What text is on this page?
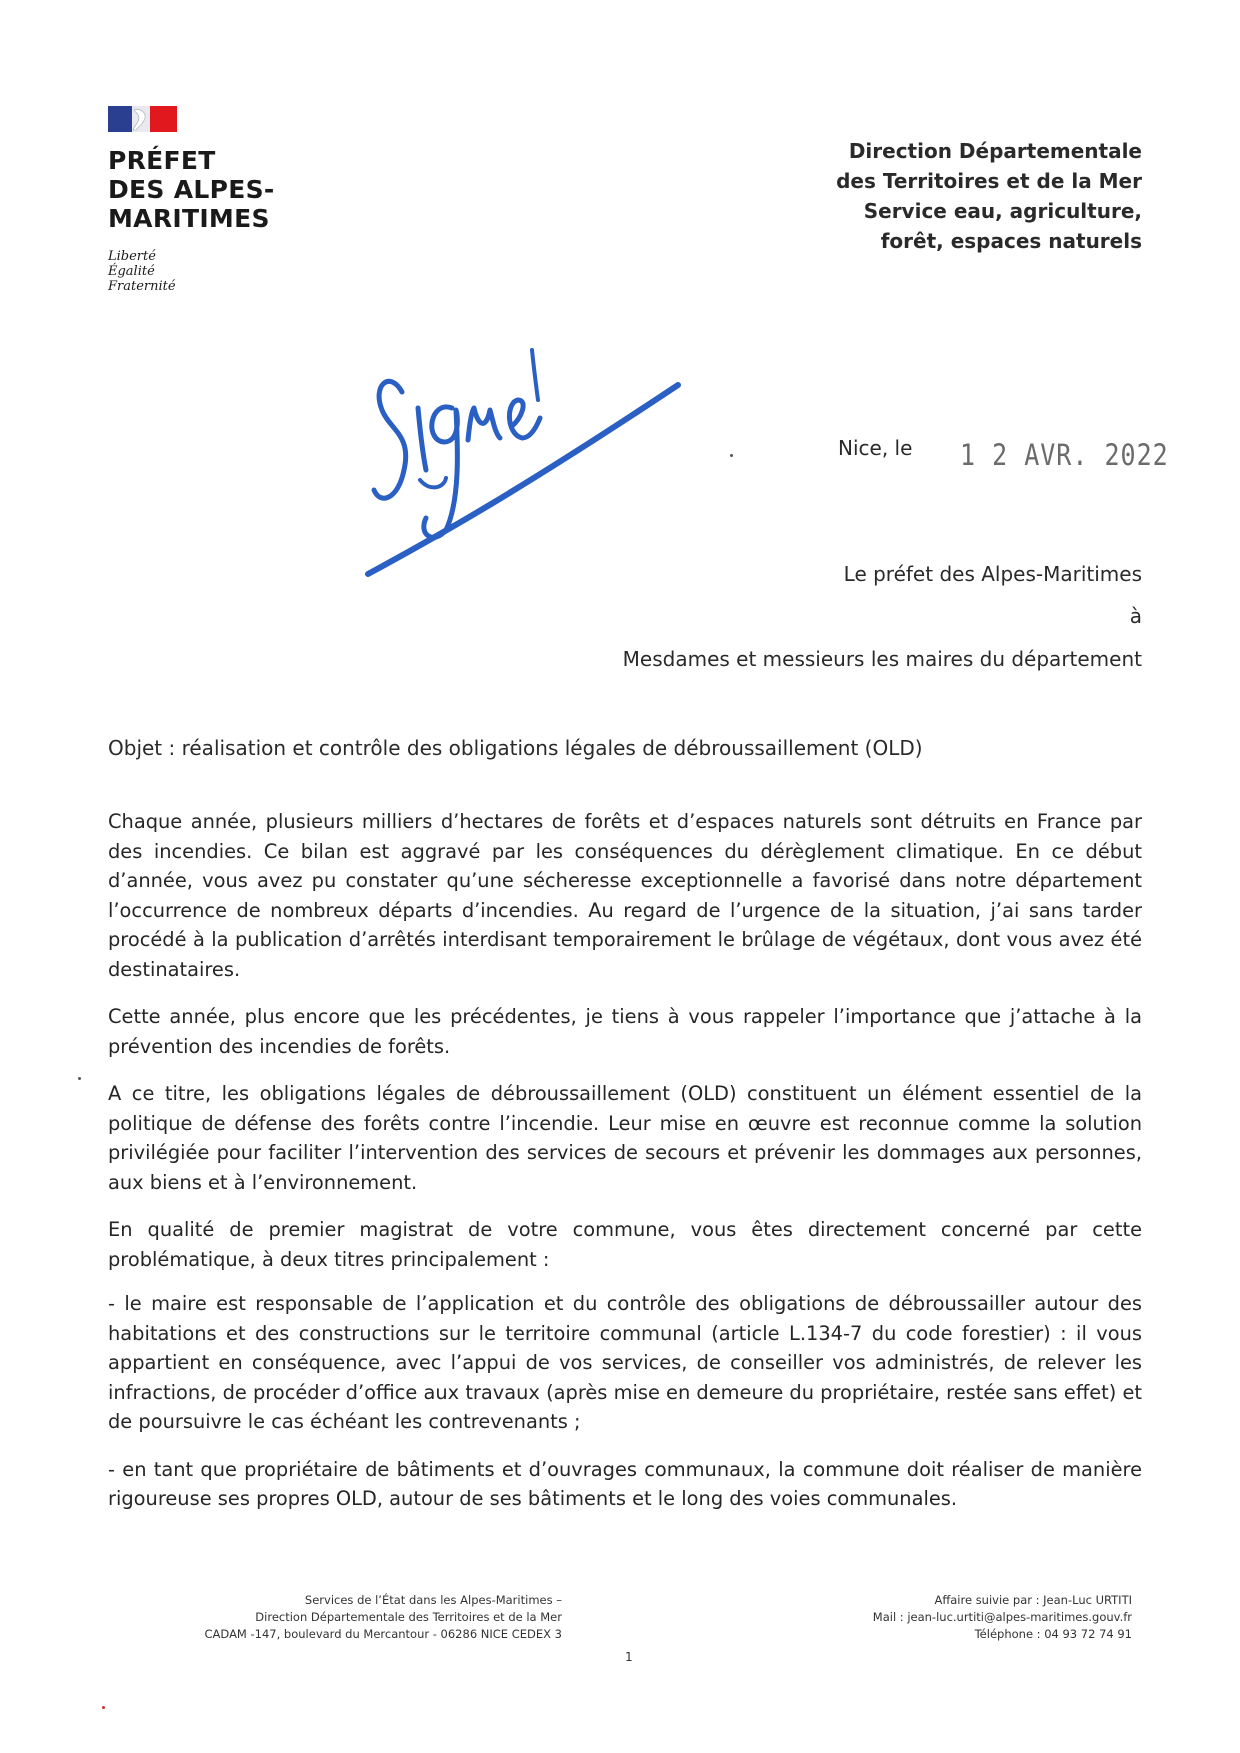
PRÉFET
DES ALPES-
MARITIMES
Liberté
Égalité
Fraternité
Direction Départementale
des Territoires et de la Mer
Service eau, agriculture,
forêt, espaces naturels
Signé
Nice, le 1 2 AVR. 2022
Le préfet des Alpes-Maritimes
à
Mesdames et messieurs les maires du département
Objet : réalisation et contrôle des obligations légales de débroussaillement (OLD)

Chaque année, plusieurs milliers d’hectares de forêts et d’espaces naturels sont détruits en France par des incendies. Ce bilan est aggravé par les conséquences du dérèglement climatique. En ce début d’année, vous avez pu constater qu’une sécheresse exceptionnelle a favorisé dans notre département l’occurrence de nombreux départs d’incendies. Au regard de l’urgence de la situation, j’ai sans tarder procédé à la publication d’arrêtés interdisant temporairement le brûlage de végétaux, dont vous avez été destinataires.

Cette année, plus encore que les précédentes, je tiens à vous rappeler l’importance que j’attache à la prévention des incendies de forêts.

A ce titre, les obligations légales de débroussaillement (OLD) constituent un élément essentiel de la politique de défense des forêts contre l’incendie. Leur mise en œuvre est reconnue comme la solution privilégiée pour faciliter l’intervention des services de secours et prévenir les dommages aux personnes, aux biens et à l’environnement.

En qualité de premier magistrat de votre commune, vous êtes directement concerné par cette problématique, à deux titres principalement :

- le maire est responsable de l’application et du contrôle des obligations de débroussailler autour des habitations et des constructions sur le territoire communal (article L.134-7 du code forestier) : il vous appartient en conséquence, avec l’appui de vos services, de conseiller vos administrés, de relever les infractions, de procéder d’office aux travaux (après mise en demeure du propriétaire, restée sans effet) et de poursuivre le cas échéant les contrevenants ;

- en tant que propriétaire de bâtiments et d’ouvrages communaux, la commune doit réaliser de manière rigoureuse ses propres OLD, autour de ses bâtiments et le long des voies communales.

Services de l’État dans les Alpes-Maritimes –
Direction Départementale des Territoires et de la Mer
CADAM -147, boulevard du Mercantour - 06286 NICE CEDEX 3
Affaire suivie par : Jean-Luc URTITI
Mail : jean-luc.urtiti@alpes-maritimes.gouv.fr
Téléphone : 04 93 72 74 91
1
